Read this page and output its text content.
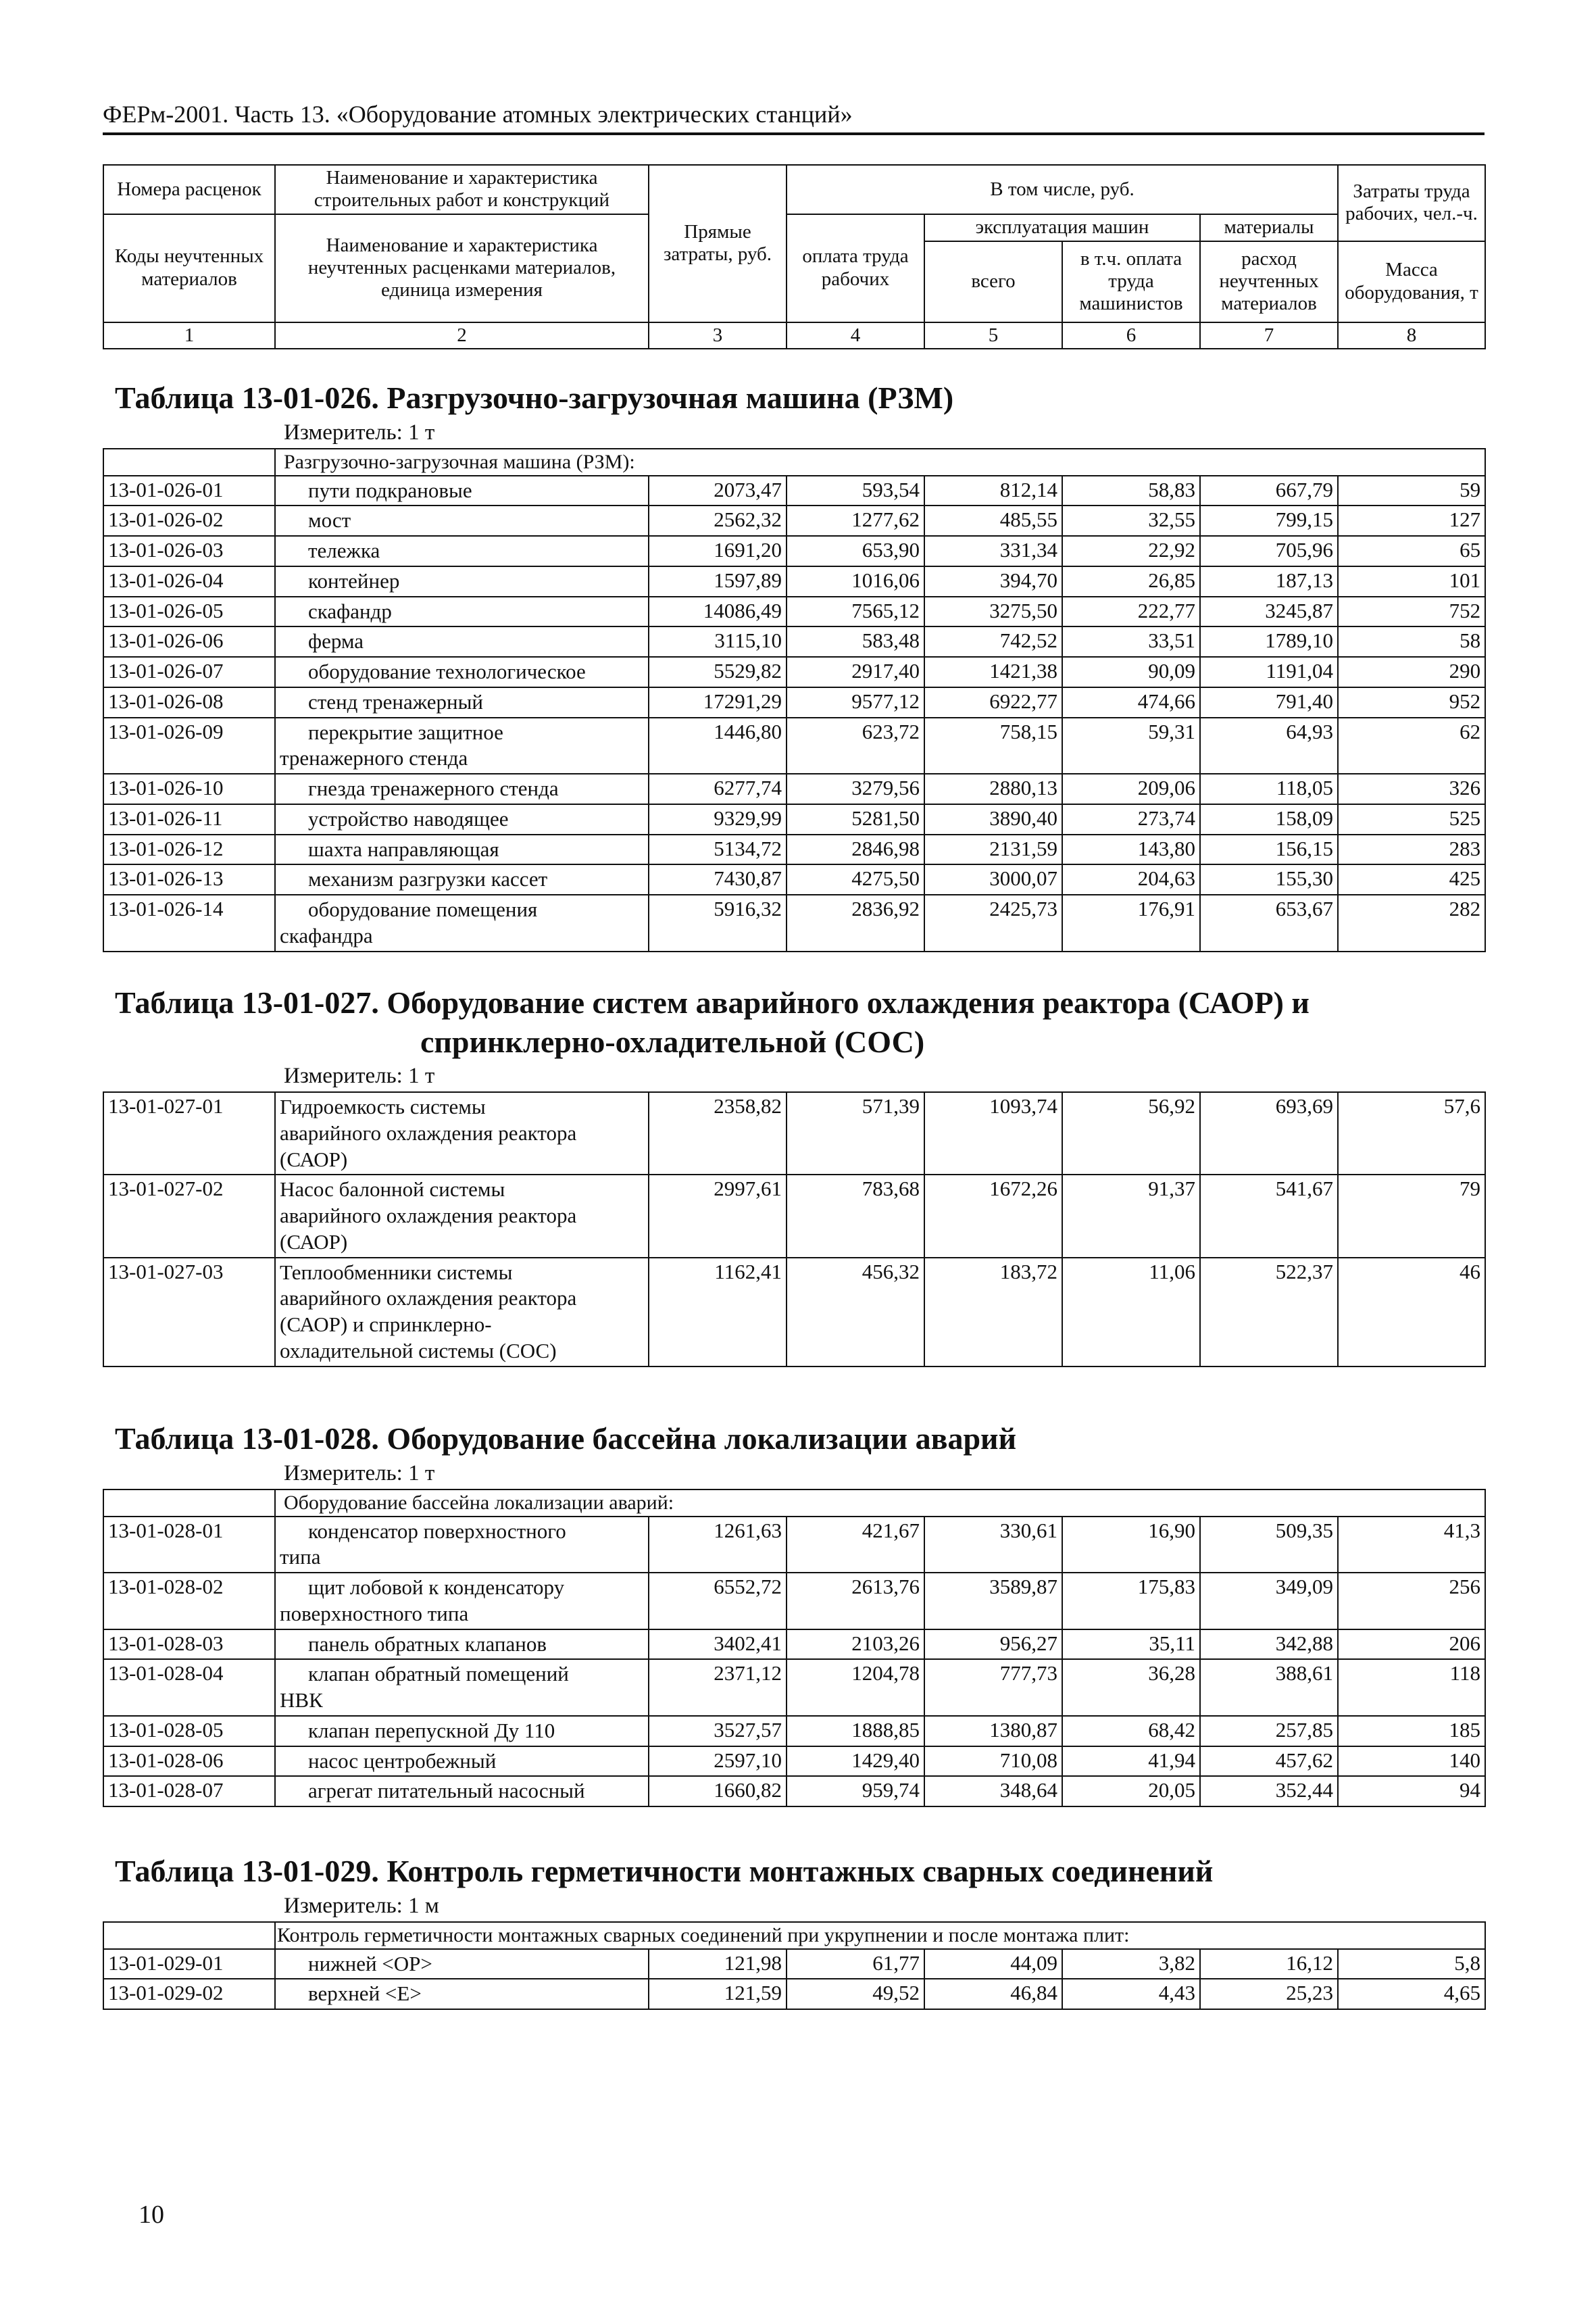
ФЕРм-2001. Часть 13. «Оборудование атомных электрических станций»
Номера расценок	Наименование и характеристика строительных работ и конструкций	Прямые затраты, руб.	В том числе, руб.				Затраты труда рабочих, чел.-ч.
Коды неучтенных материалов	Наименование и характеристика неучтенных расценками материалов, единица измерения		оплата труда рабочих	эксплуатация машин		материалы	
				всего	в т.ч. оплата труда машинистов	расход неучтенных материалов	Масса оборудования, т
1	2	3	4	5	6	7	8
Таблица 13-01-026. Разгрузочно-загрузочная машина (РЗМ)
Измеритель: 1 т
	Разгрузочно-загрузочная машина (РЗМ):						
13-01-026-01	пути подкрановые	2073,47	593,54	812,14	58,83	667,79	59
13-01-026-02	мост	2562,32	1277,62	485,55	32,55	799,15	127
13-01-026-03	тележка	1691,20	653,90	331,34	22,92	705,96	65
13-01-026-04	контейнер	1597,89	1016,06	394,70	26,85	187,13	101
13-01-026-05	скафандр	14086,49	7565,12	3275,50	222,77	3245,87	752
13-01-026-06	ферма	3115,10	583,48	742,52	33,51	1789,10	58
13-01-026-07	оборудование технологическое	5529,82	2917,40	1421,38	90,09	1191,04	290
13-01-026-08	стенд тренажерный	17291,29	9577,12	6922,77	474,66	791,40	952
13-01-026-09	перекрытие защитное
тренажерного стенда	1446,80	623,72	758,15	59,31	64,93	62
13-01-026-10	гнезда тренажерного стенда	6277,74	3279,56	2880,13	209,06	118,05	326
13-01-026-11	устройство наводящее	9329,99	5281,50	3890,40	273,74	158,09	525
13-01-026-12	шахта направляющая	5134,72	2846,98	2131,59	143,80	156,15	283
13-01-026-13	механизм разгрузки кассет	7430,87	4275,50	3000,07	204,63	155,30	425
13-01-026-14	оборудование помещения
скафандра	5916,32	2836,92	2425,73	176,91	653,67	282
Таблица 13-01-027. Оборудование систем аварийного охлаждения реактора (САОР) и
спринклерно-охладительной (СОС)
Измеритель: 1 т
13-01-027-01	Гидроемкость системы
аварийного охлаждения реактора
(САОР)	2358,82	571,39	1093,74	56,92	693,69	57,6
13-01-027-02	Насос балонной системы
аварийного охлаждения реактора
(САОР)	2997,61	783,68	1672,26	91,37	541,67	79
13-01-027-03	Теплообменники системы
аварийного охлаждения реактора
(САОР) и спринклерно-
охладительной системы (СОС)	1162,41	456,32	183,72	11,06	522,37	46
Таблица 13-01-028. Оборудование бассейна локализации аварий
Измеритель: 1 т
	Оборудование бассейна локализации аварий:						
13-01-028-01	конденсатор поверхностного
типа	1261,63	421,67	330,61	16,90	509,35	41,3
13-01-028-02	щит лобовой к конденсатору
поверхностного типа	6552,72	2613,76	3589,87	175,83	349,09	256
13-01-028-03	панель обратных клапанов	3402,41	2103,26	956,27	35,11	342,88	206
13-01-028-04	клапан обратный помещений
НВК	2371,12	1204,78	777,73	36,28	388,61	118
13-01-028-05	клапан перепускной Ду 110	3527,57	1888,85	1380,87	68,42	257,85	185
13-01-028-06	насос центробежный	2597,10	1429,40	710,08	41,94	457,62	140
13-01-028-07	агрегат питательный насосный	1660,82	959,74	348,64	20,05	352,44	94
Таблица 13-01-029. Контроль герметичности монтажных сварных соединений
Измеритель: 1 м
	Контроль герметичности монтажных сварных соединений при укрупнении и после монтажа плит:						
13-01-029-01	нижней <ОР>	121,98	61,77	44,09	3,82	16,12	5,8
13-01-029-02	верхней <Е>	121,59	49,52	46,84	4,43	25,23	4,65
10
